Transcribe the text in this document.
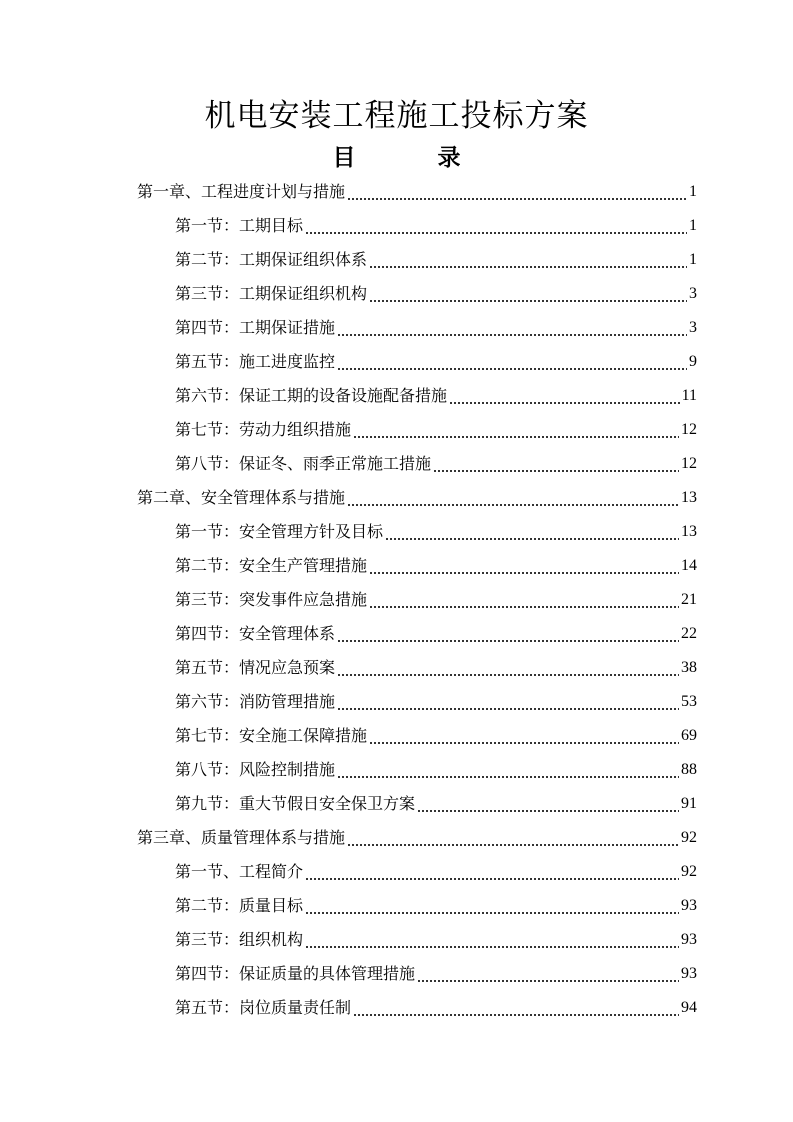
机电安装工程施工投标方案
目  录
第一章、工程进度计划与措施	1
第一节：工期目标	1
第二节：工期保证组织体系	1
第三节：工期保证组织机构	3
第四节：工期保证措施	3
第五节：施工进度监控	9
第六节：保证工期的设备设施配备措施	11
第七节：劳动力组织措施	12
第八节：保证冬、雨季正常施工措施	12
第二章、安全管理体系与措施	13
第一节：安全管理方针及目标	13
第二节：安全生产管理措施	14
第三节：突发事件应急措施	21
第四节：安全管理体系	22
第五节：情况应急预案	38
第六节：消防管理措施	53
第七节：安全施工保障措施	69
第八节：风险控制措施	88
第九节：重大节假日安全保卫方案	91
第三章、质量管理体系与措施	92
第一节、工程简介	92
第二节：质量目标	93
第三节：组织机构	93
第四节：保证质量的具体管理措施	93
第五节：岗位质量责任制	94
